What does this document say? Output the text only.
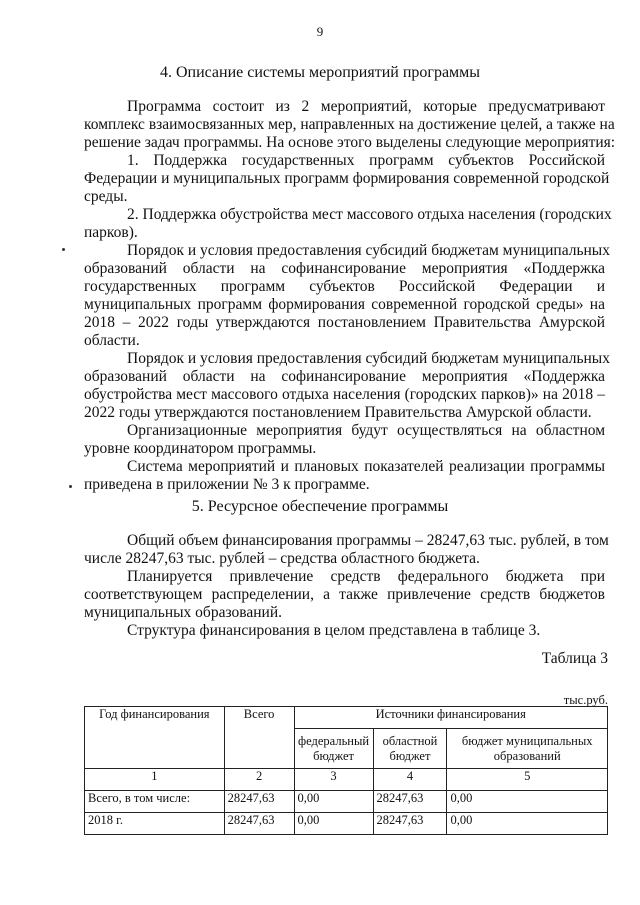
9
4. Описание системы мероприятий программы
Программа состоит из 2 мероприятий, которые предусматривают
комплекс взаимосвязанных мер, направленных на достижение целей, а также на
решение задач программы. На основе этого выделены следующие мероприятия:
1. Поддержка государственных программ субъектов Российской
Федерации и муниципальных программ формирования современной городской
среды.
2. Поддержка обустройства мест массового отдыха населения (городских
парков).
Порядок и условия предоставления субсидий бюджетам муниципальных
образований области на софинансирование мероприятия «Поддержка
государственных программ субъектов Российской Федерации и
муниципальных программ формирования современной городской среды» на
2018 – 2022 годы утверждаются постановлением Правительства Амурской
области.
Порядок и условия предоставления субсидий бюджетам муниципальных
образований области на софинансирование мероприятия «Поддержка
обустройства мест массового отдыха населения (городских парков)» на 2018 –
2022 годы утверждаются постановлением Правительства Амурской области.
Организационные мероприятия будут осуществляться на областном
уровне координатором программы.
Система мероприятий и плановых показателей реализации программы
приведена в приложении № 3 к программе.
5. Ресурсное обеспечение программы
Общий объем финансирования программы – 28247,63 тыс. рублей, в том
числе 28247,63 тыс. рублей – средства областного бюджета.
Планируется привлечение средств федерального бюджета при
соответствующем распределении, а также привлечение средств бюджетов
муниципальных образований.
Структура финансирования в целом представлена в таблице 3.
Таблица 3
тыс.руб.
Год финансирования	Всего	Источники финансирования		
		федеральный бюджет	областной бюджет	бюджет муниципальных образований
1	2	3	4	5
Всего, в том числе:	28247,63	0,00	28247,63	0,00
2018 г.	28247,63	0,00	28247,63	0,00
